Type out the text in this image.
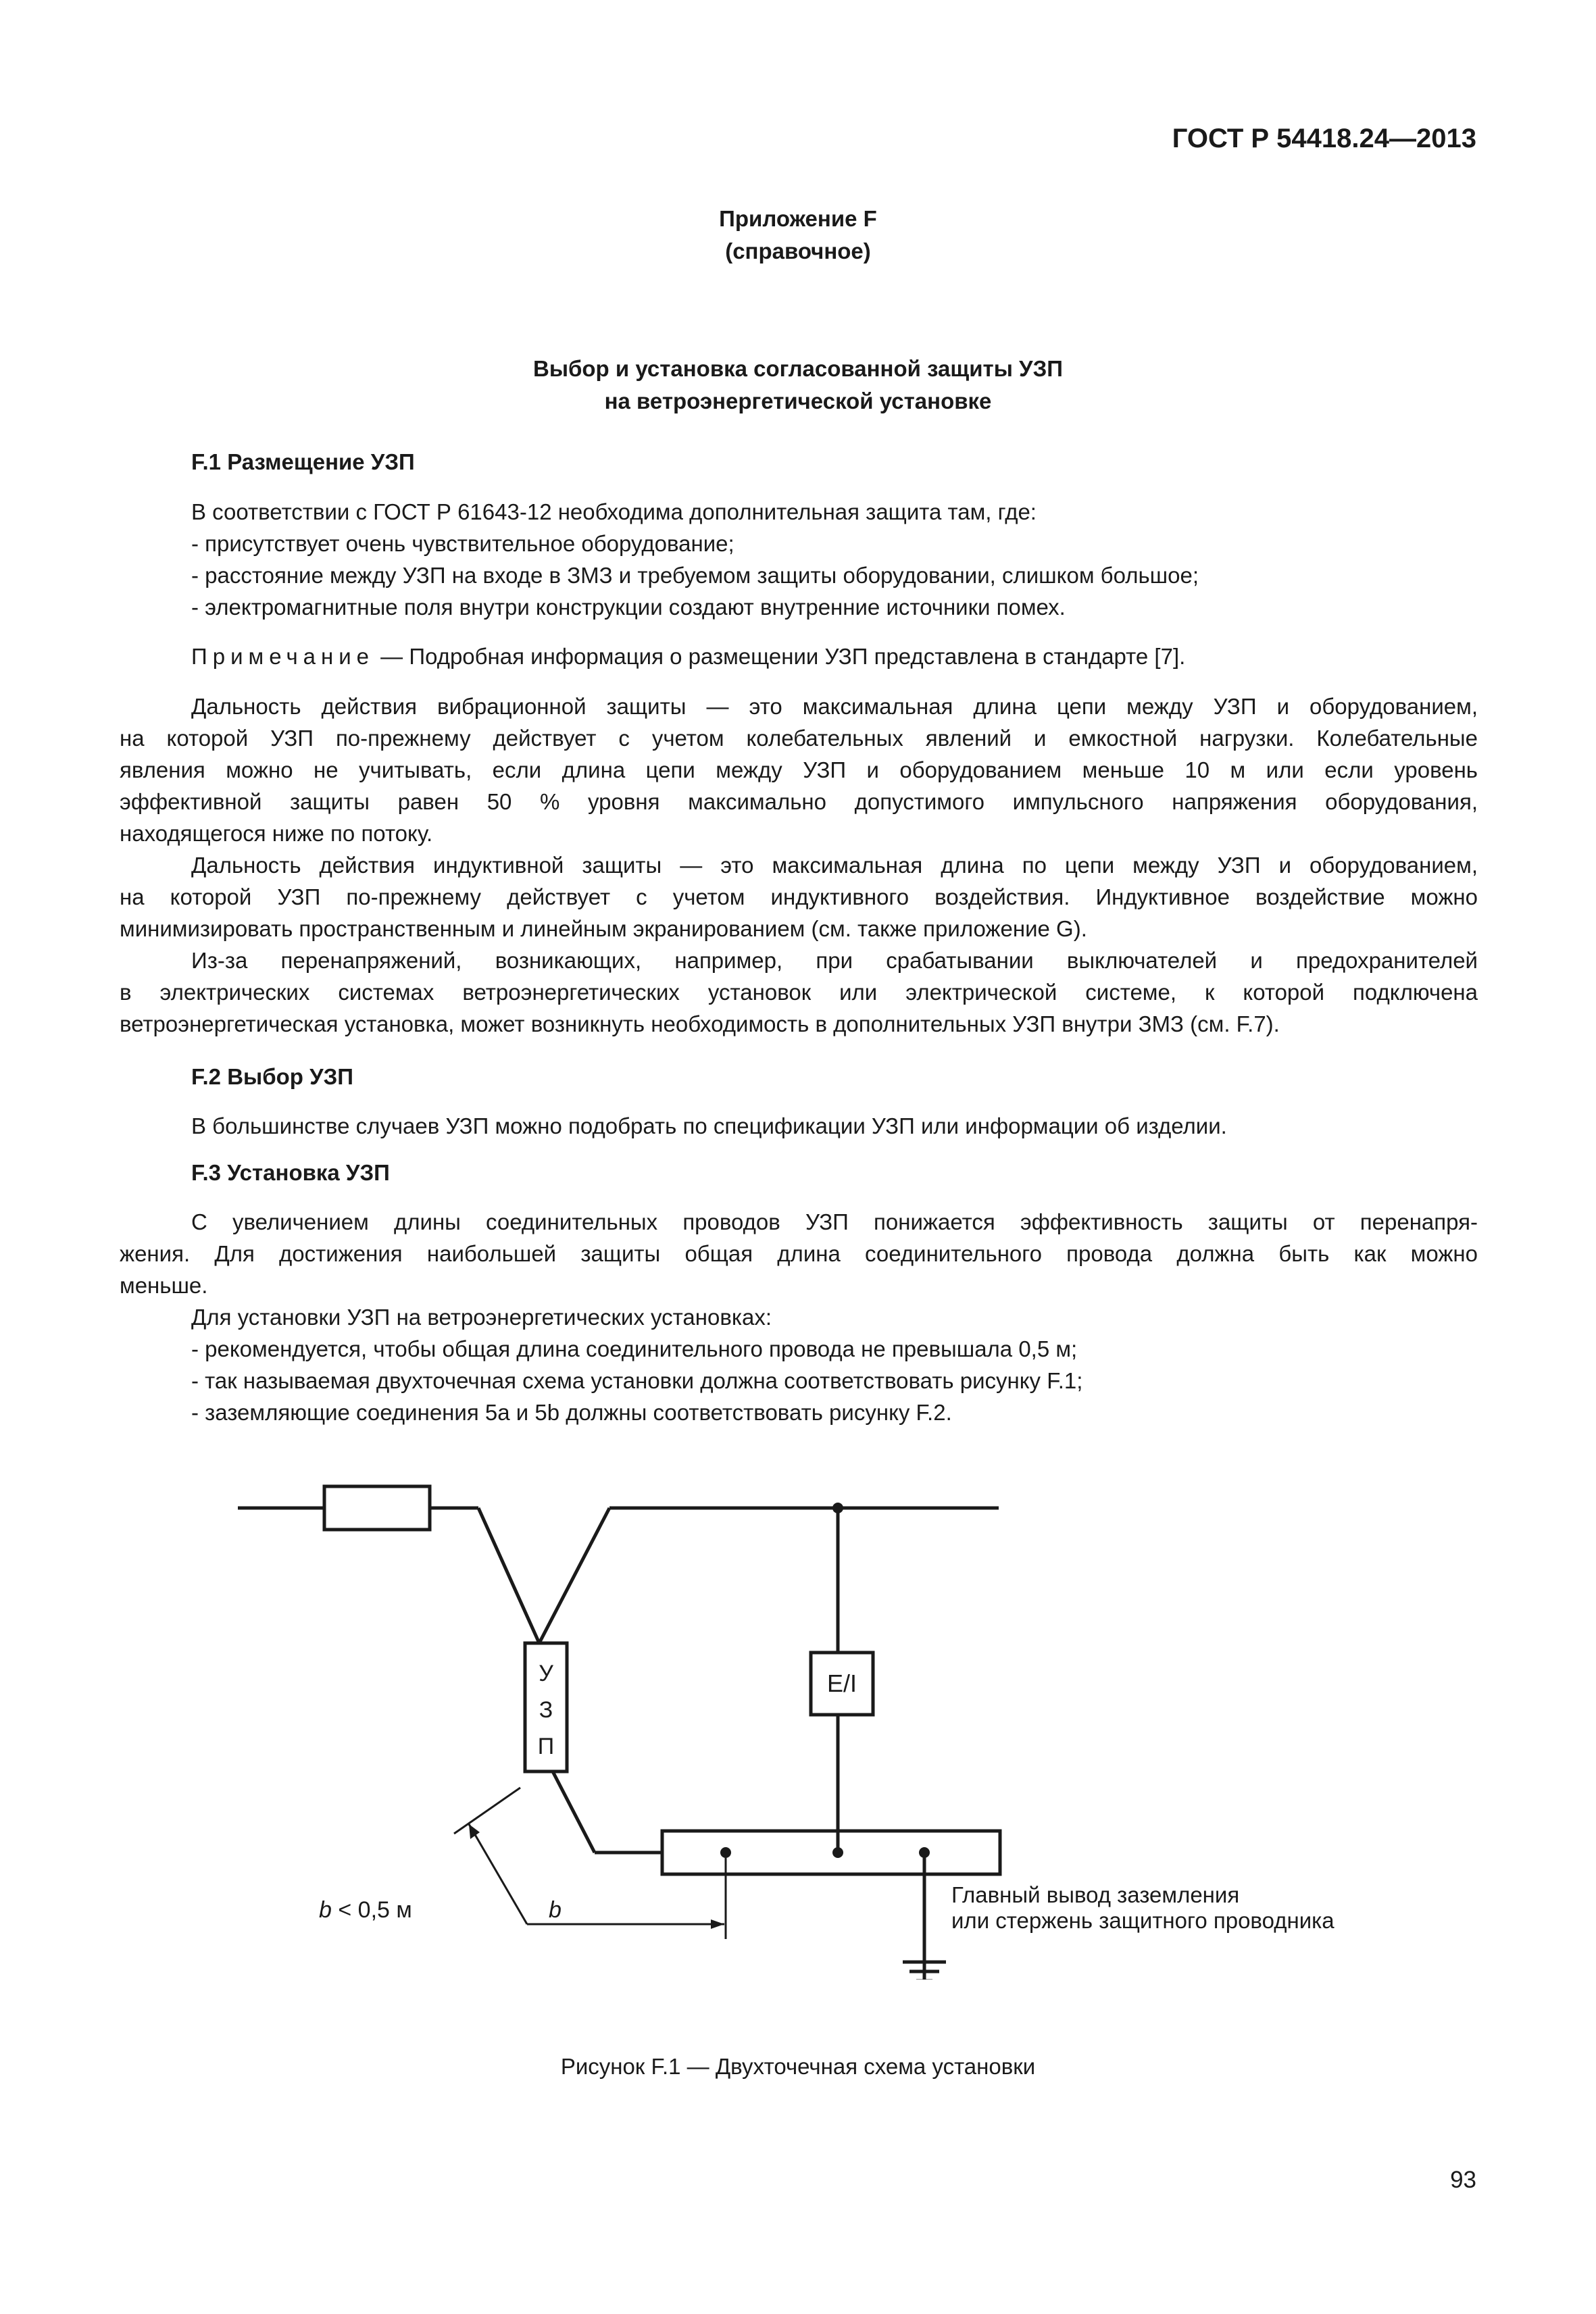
ГОСТ Р 54418.24—2013
Приложение F
(справочное)
Выбор и установка согласованной защиты УЗП
на ветроэнергетической установке
F.1 Размещение УЗП
В соответствии с ГОСТ Р 61643-12 необходима дополнительная защита там, где:
- присутствует очень чувствительное оборудование;
- расстояние между УЗП на входе в ЗМЗ и требуемом защиты оборудовании, слишком большое;
- электромагнитные поля внутри конструкции создают внутренние источники помех.
Примечание — Подробная информация о размещении УЗП представлена в стандарте [7].
Дальность действия вибрационной защиты — это максимальная длина цепи между УЗП и оборудованием,
на которой УЗП по-прежнему действует с учетом колебательных явлений и емкостной нагрузки. Колебательные
явления можно не учитывать, если длина цепи между УЗП и оборудованием меньше 10 м или если уровень
эффективной защиты равен 50 % уровня максимально допустимого импульсного напряжения оборудования,
находящегося ниже по потоку.
Дальность действия индуктивной защиты — это максимальная длина по цепи между УЗП и оборудованием,
на которой УЗП по-прежнему действует с учетом индуктивного воздействия. Индуктивное воздействие можно
минимизировать пространственным и линейным экранированием (см. также приложение G).
Из-за перенапряжений, возникающих, например, при срабатывании выключателей и предохранителей
в электрических системах ветроэнергетических установок или электрической системе, к которой подключена
ветроэнергетическая установка, может возникнуть необходимость в дополнительных УЗП внутри ЗМЗ (см. F.7).
F.2 Выбор УЗП
В большинстве случаев УЗП можно подобрать по спецификации УЗП или информации об изделии.
F.3 Установка УЗП
С увеличением длины соединительных проводов УЗП понижается эффективность защиты от перенапря-
жения. Для достижения наибольшей защиты общая длина соединительного провода должна быть как можно
меньше.
Для установки УЗП на ветроэнергетических установках:
- рекомендуется, чтобы общая длина соединительного провода не превышала 0,5 м;
- так называемая двухточечная схема установки должна соответствовать рисунку F.1;
- заземляющие соединения 5a и 5b должны соответствовать рисунку F.2.
У
З
П
E/I
b < 0,5 м	b
Главный вывод заземления
или стержень защитного проводника
Рисунок F.1 — Двухточечная схема установки
93
